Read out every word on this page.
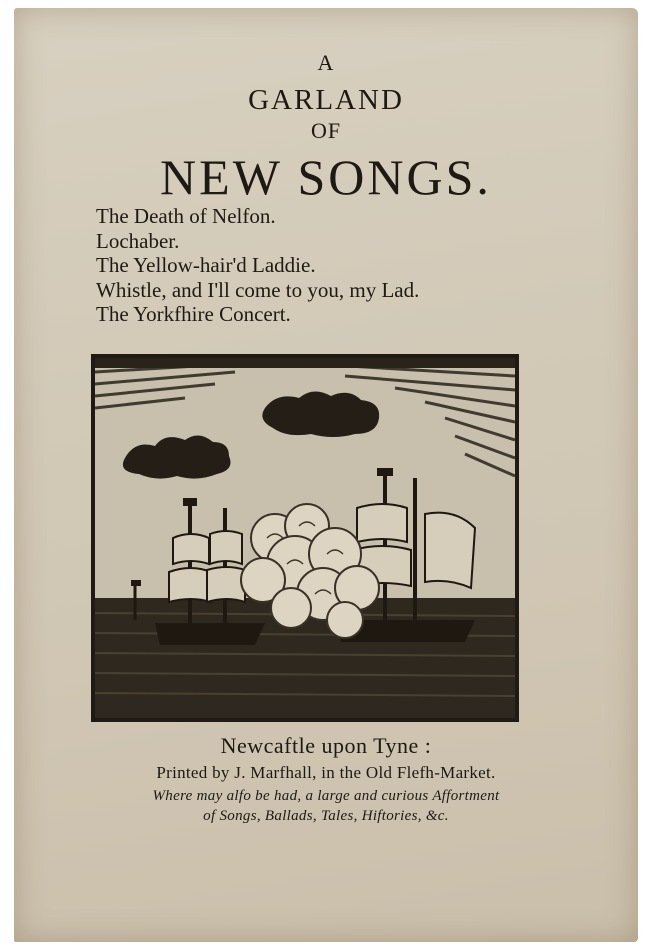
A
GARLAND
OF
NEW SONGS.
The Death of Nelfon.
Lochaber.
The Yellow-hair'd Laddie.
Whistle, and I'll come to you, my Lad.
The Yorkfhire Concert.
Newcaftle upon Tyne :
Printed by J. Marfhall, in the Old Flefh-Market.
Where may alfo be had, a large and curious Affortment
of Songs, Ballads, Tales, Hiftories, &c.
